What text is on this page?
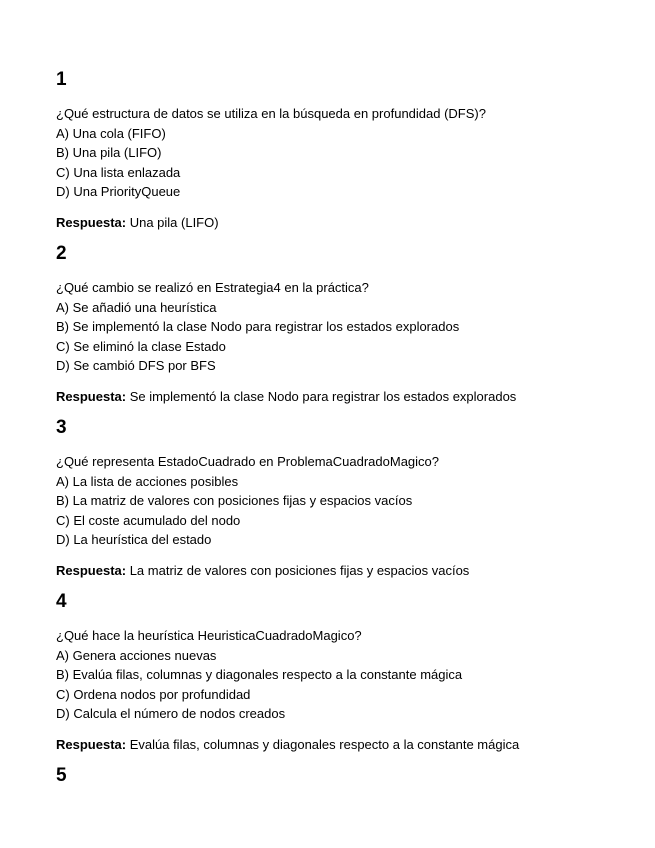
1
¿Qué estructura de datos se utiliza en la búsqueda en profundidad (DFS)?
A) Una cola (FIFO)
B) Una pila (LIFO)
C) Una lista enlazada
D) Una PriorityQueue
Respuesta: Una pila (LIFO)
2
¿Qué cambio se realizó en Estrategia4 en la práctica?
A) Se añadió una heurística
B) Se implementó la clase Nodo para registrar los estados explorados
C) Se eliminó la clase Estado
D) Se cambió DFS por BFS
Respuesta: Se implementó la clase Nodo para registrar los estados explorados
3
¿Qué representa EstadoCuadrado en ProblemaCuadradoMagico?
A) La lista de acciones posibles
B) La matriz de valores con posiciones fijas y espacios vacíos
C) El coste acumulado del nodo
D) La heurística del estado
Respuesta: La matriz de valores con posiciones fijas y espacios vacíos
4
¿Qué hace la heurística HeuristicaCuadradoMagico?
A) Genera acciones nuevas
B) Evalúa filas, columnas y diagonales respecto a la constante mágica
C) Ordena nodos por profundidad
D) Calcula el número de nodos creados
Respuesta: Evalúa filas, columnas y diagonales respecto a la constante mágica
5
